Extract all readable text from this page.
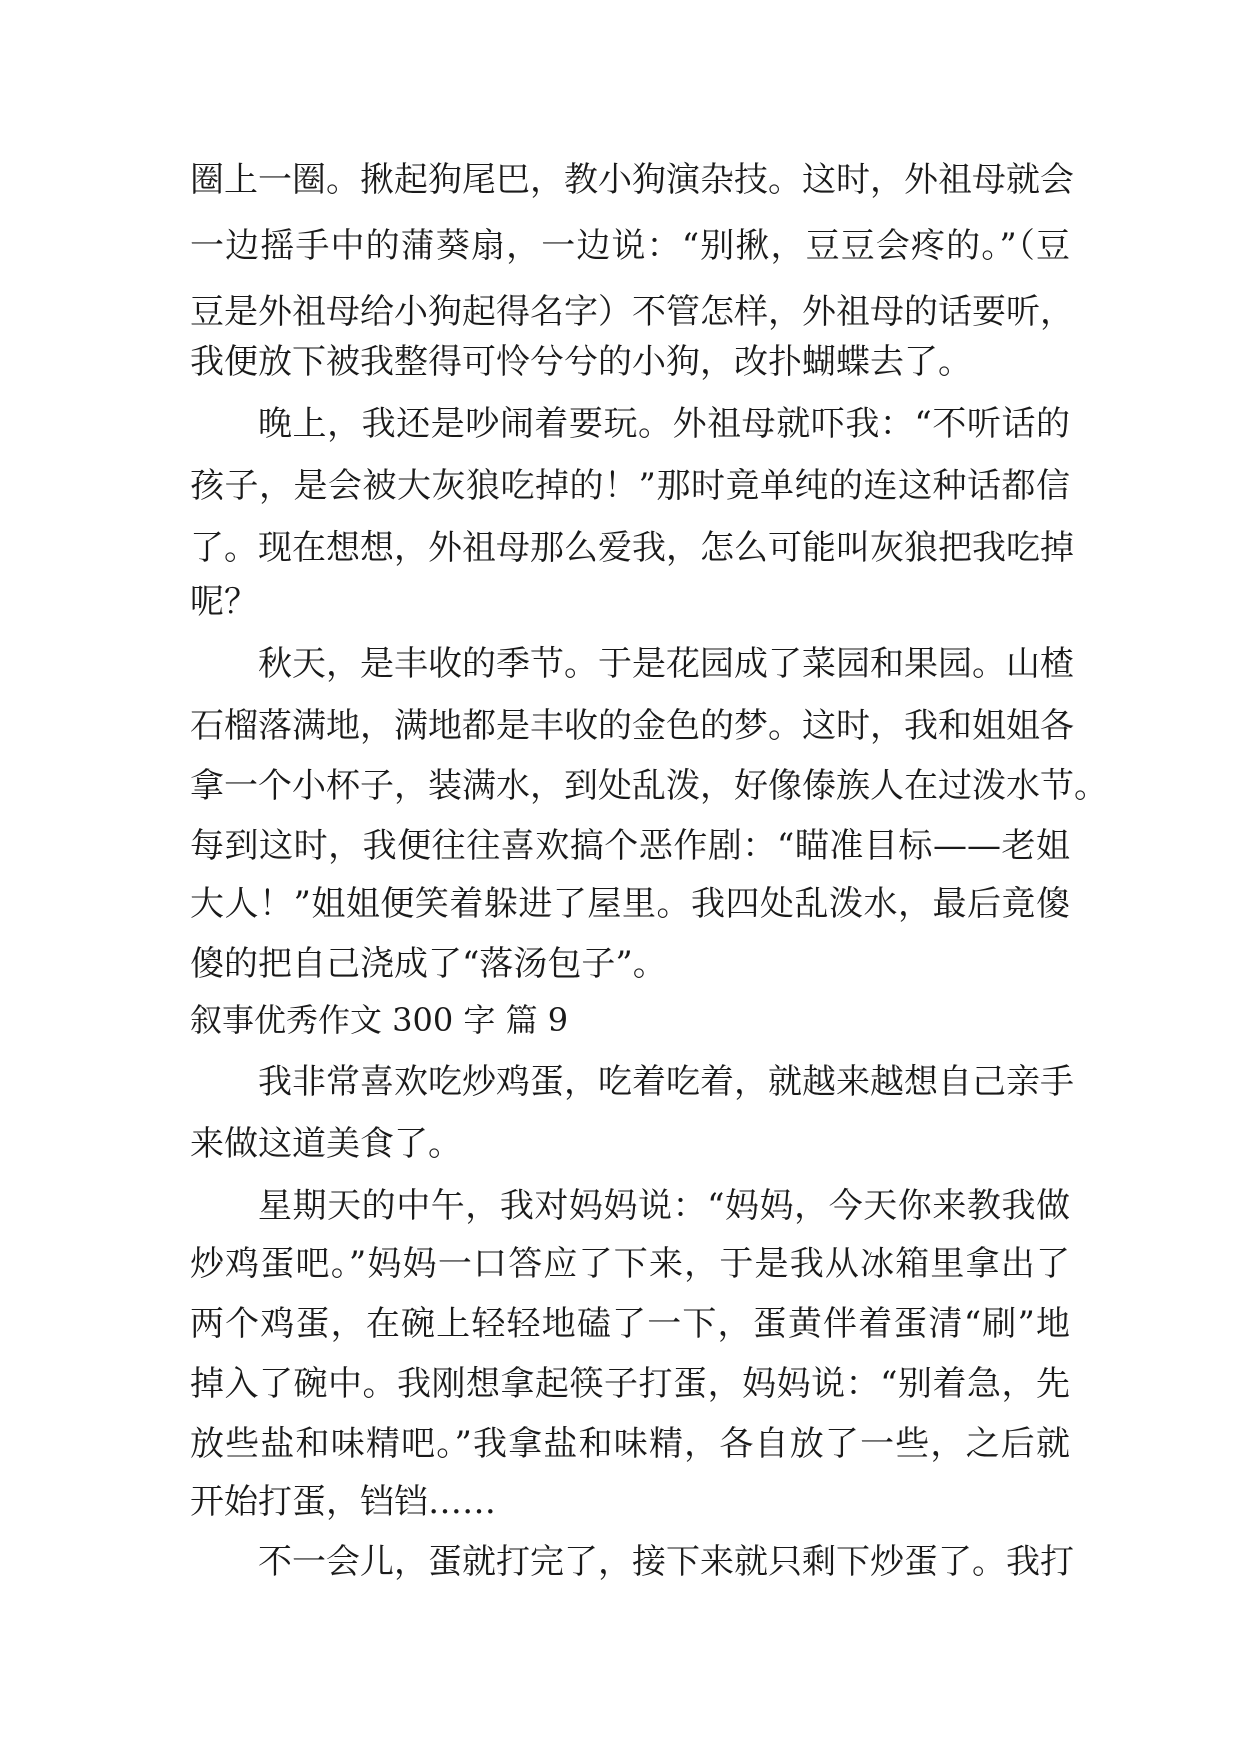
圈上一圈。揪起狗尾巴，教小狗演杂技。这时，外祖母就会
一边摇手中的蒲葵扇，一边说：“别揪，豆豆会疼的。”（豆
豆是外祖母给小狗起得名字）不管怎样，外祖母的话要听，
我便放下被我整得可怜兮兮的小狗，改扑蝴蝶去了。
晚上，我还是吵闹着要玩。外祖母就吓我：“不听话的
孩子，是会被大灰狼吃掉的！”那时竟单纯的连这种话都信
了。现在想想，外祖母那么爱我，怎么可能叫灰狼把我吃掉
呢？
秋天，是丰收的季节。于是花园成了菜园和果园。山楂
石榴落满地，满地都是丰收的金色的梦。这时，我和姐姐各
拿一个小杯子，装满水，到处乱泼，好像傣族人在过泼水节。
每到这时，我便往往喜欢搞个恶作剧：“瞄准目标——老姐
大人！”姐姐便笑着躲进了屋里。我四处乱泼水，最后竟傻
傻的把自己浇成了“落汤包子”。
叙事优秀作文 300 字 篇 9
我非常喜欢吃炒鸡蛋，吃着吃着，就越来越想自己亲手
来做这道美食了。
星期天的中午，我对妈妈说：“妈妈，今天你来教我做
炒鸡蛋吧。”妈妈一口答应了下来，于是我从冰箱里拿出了
两个鸡蛋，在碗上轻轻地磕了一下，蛋黄伴着蛋清“刷”地
掉入了碗中。我刚想拿起筷子打蛋，妈妈说：“别着急，先
放些盐和味精吧。”我拿盐和味精，各自放了一些，之后就
开始打蛋，铛铛……
不一会儿，蛋就打完了，接下来就只剩下炒蛋了。我打
